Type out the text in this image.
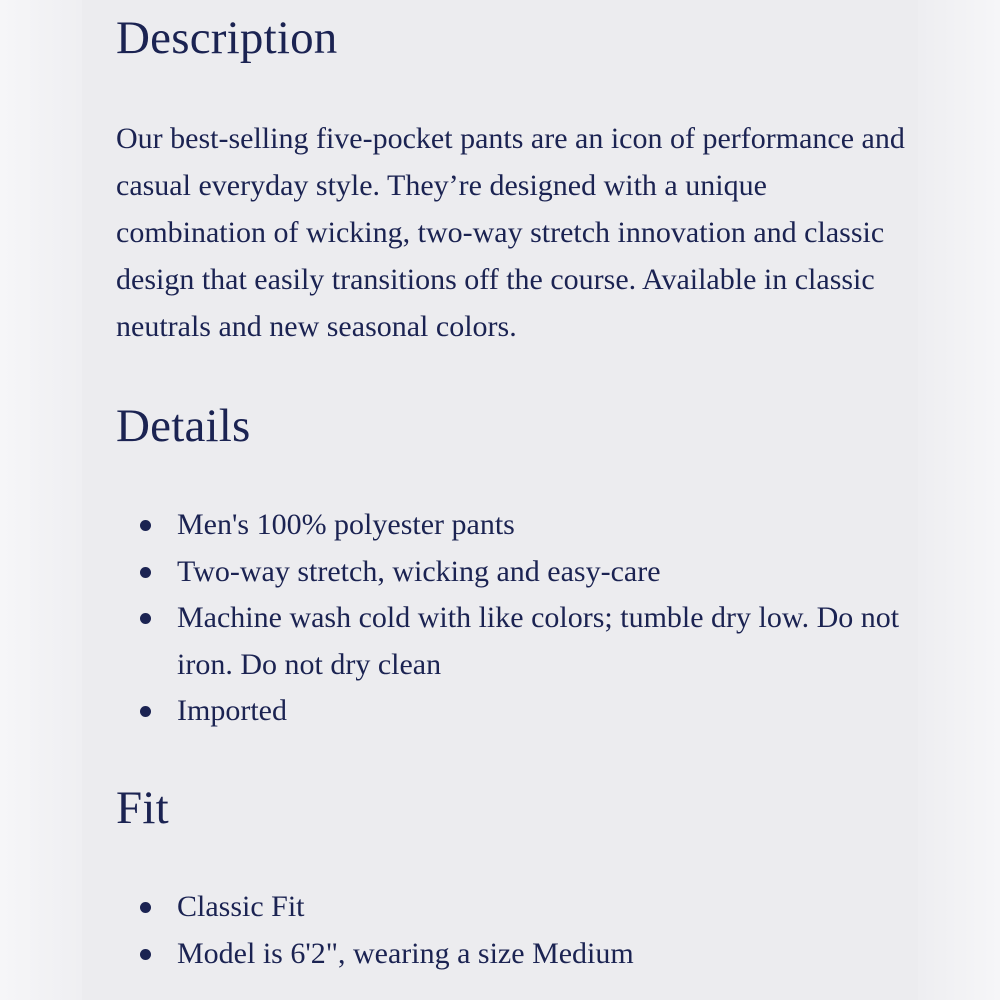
Description

Our best-selling five-pocket pants are an icon of performance and casual everyday style. They’re designed with a unique combination of wicking, two-way stretch innovation and classic design that easily transitions off the course. Available in classic neutrals and new seasonal colors.

Details
Men's 100% polyester pants
Two-way stretch, wicking and easy-care
Machine wash cold with like colors; tumble dry low. Do not iron. Do not dry clean
Imported
Fit
Classic Fit
Model is 6'2", wearing a size Medium
